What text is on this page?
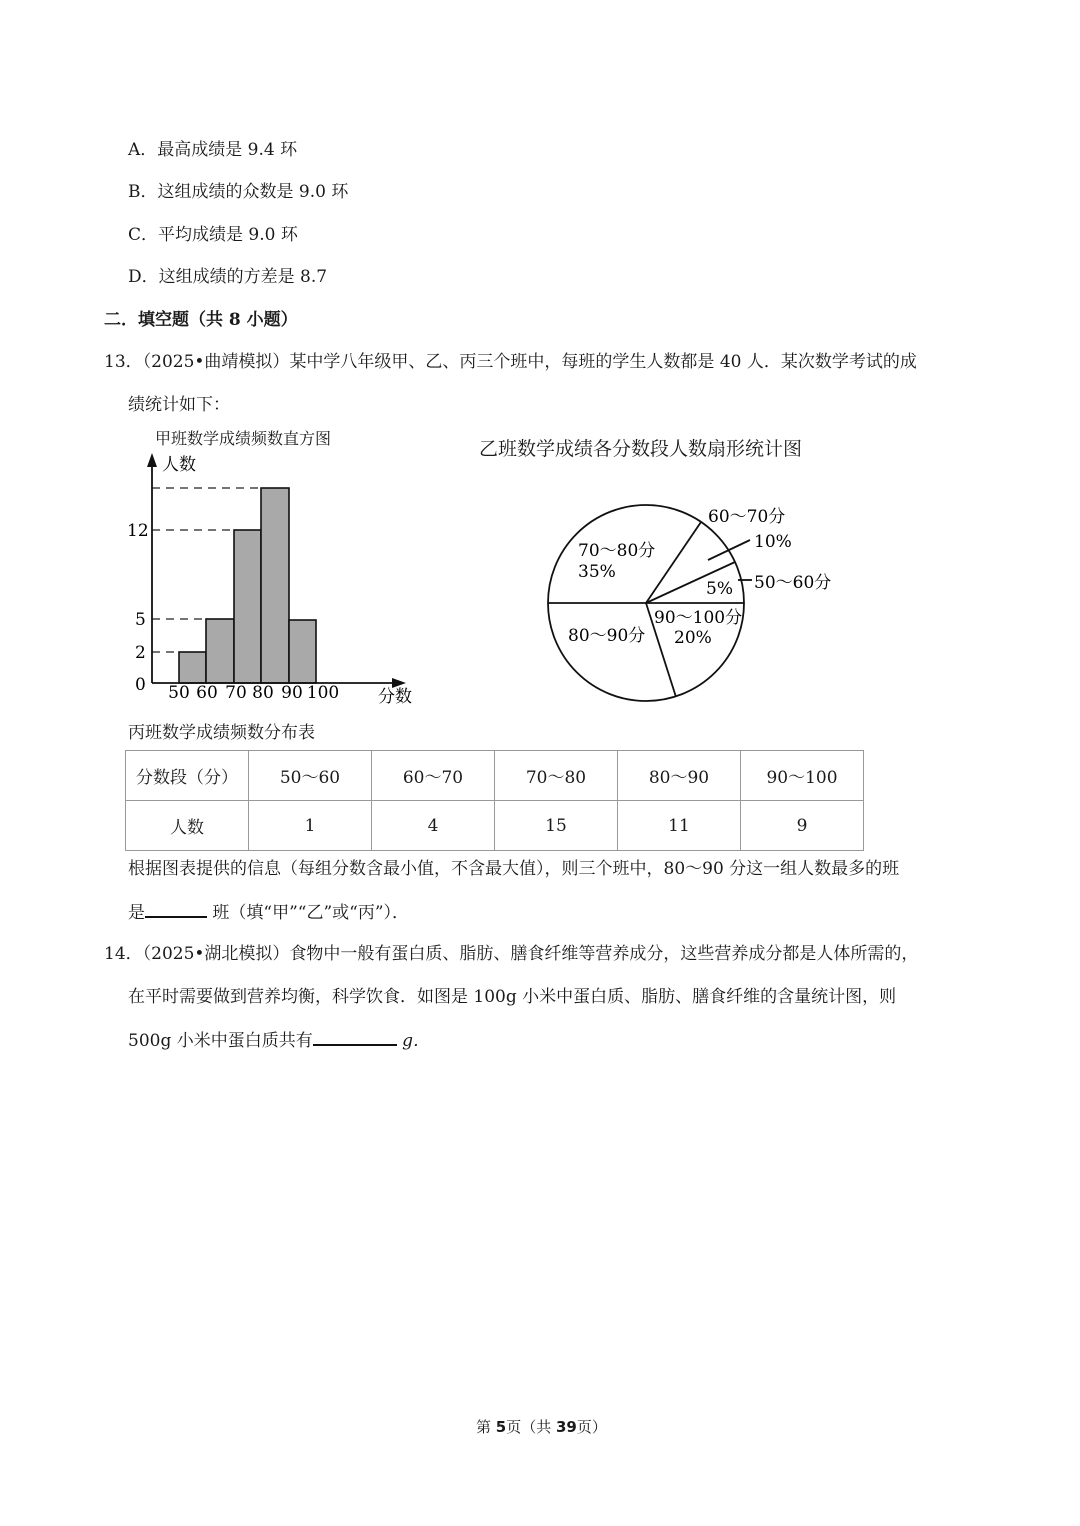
A．最高成绩是 9.4 环
B．这组成绩的众数是 9.0 环
C．平均成绩是 9.0 环
D．这组成绩的方差是 8.7
二．填空题（共 8 小题）
13．（2025•曲靖模拟）某中学八年级甲、乙、丙三个班中，每班的学生人数都是 40 人．某次数学考试的成
绩统计如下：
甲班数学成绩频数直方图
人数
分数
0
2
5
12
50 60 70 80 90 100
乙班数学成绩各分数段人数扇形统计图
70～80分
35%
60～70分
10%
5% 50～60分
90～100分
20%
80～90分
丙班数学成绩频数分布表
分数段（分）	50～60	60～70	70～80	80～90	90～100
人数	1	4	15	11	9
根据图表提供的信息（每组分数含最小值，不含最大值），则三个班中，80～90 分这一组人数最多的班
是	班（填“甲”“乙”或“丙”）．
14．（2025•湖北模拟）食物中一般有蛋白质、脂肪、膳食纤维等营养成分，这些营养成分都是人体所需的，
在平时需要做到营养均衡，科学饮食．如图是 100g 小米中蛋白质、脂肪、膳食纤维的含量统计图，则
500g 小米中蛋白质共有	g．
第 5页（共 39页）
